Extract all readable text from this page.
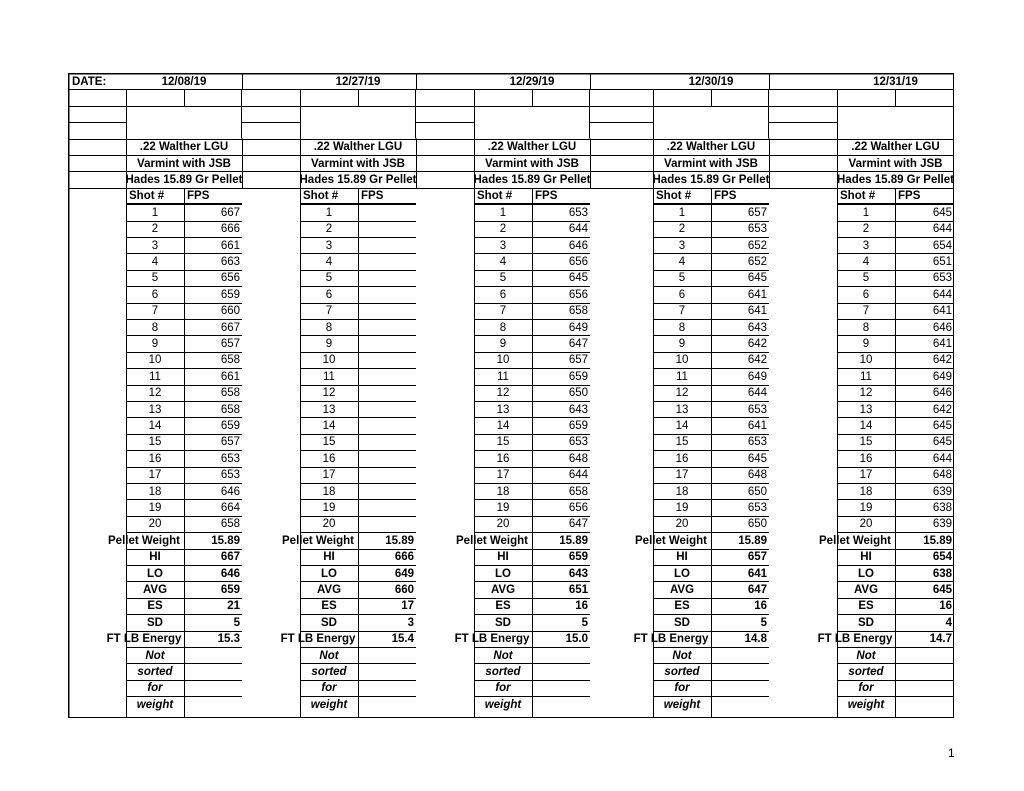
DATE:	12/08/19
.22 Walther LGU
Varmint with JSB
Hades 15.89 Gr Pellet
Shot #	FPS
1	667
2	666
3	661
4	663
5	656
6	659
7	660
8	667
9	657
10	658
11	661
12	658
13	658
14	659
15	657
16	653
17	653
18	646
19	664
20	658
Pellet Weight	15.89
HI	667
LO	646
AVG	659
ES	21
SD	5
FT LB Energy	15.3
Not
sorted
for
weight
12/27/19
.22 Walther LGU
Varmint with JSB
Hades 15.89 Gr Pellet
Shot #	FPS
1
2
3
4
5
6
7
8
9
10
11
12
13
14
15
16
17
18
19
20
Pellet Weight	15.89
HI	666
LO	649
AVG	660
ES	17
SD	3
FT LB Energy	15.4
Not
sorted
for
weight
12/29/19
.22 Walther LGU
Varmint with JSB
Hades 15.89 Gr Pellet
Shot #	FPS
1	653
2	644
3	646
4	656
5	645
6	656
7	658
8	649
9	647
10	657
11	659
12	650
13	643
14	659
15	653
16	648
17	644
18	658
19	656
20	647
Pellet Weight	15.89
HI	659
LO	643
AVG	651
ES	16
SD	5
FT LB Energy	15.0
Not
sorted
for
weight
12/30/19
.22 Walther LGU
Varmint with JSB
Hades 15.89 Gr Pellet
Shot #	FPS
1	657
2	653
3	652
4	652
5	645
6	641
7	641
8	643
9	642
10	642
11	649
12	644
13	653
14	641
15	653
16	645
17	648
18	650
19	653
20	650
Pellet Weight	15.89
HI	657
LO	641
AVG	647
ES	16
SD	5
FT LB Energy	14.8
Not
sorted
for
weight
12/31/19
.22 Walther LGU
Varmint with JSB
Hades 15.89 Gr Pellet
Shot #	FPS
1	645
2	644
3	654
4	651
5	653
6	644
7	641
8	646
9	641
10	642
11	649
12	646
13	642
14	645
15	645
16	644
17	648
18	639
19	638
20	639
Pellet Weight	15.89
HI	654
LO	638
AVG	645
ES	16
SD	4
FT LB Energy	14.7
Not
sorted
for
weight
1
